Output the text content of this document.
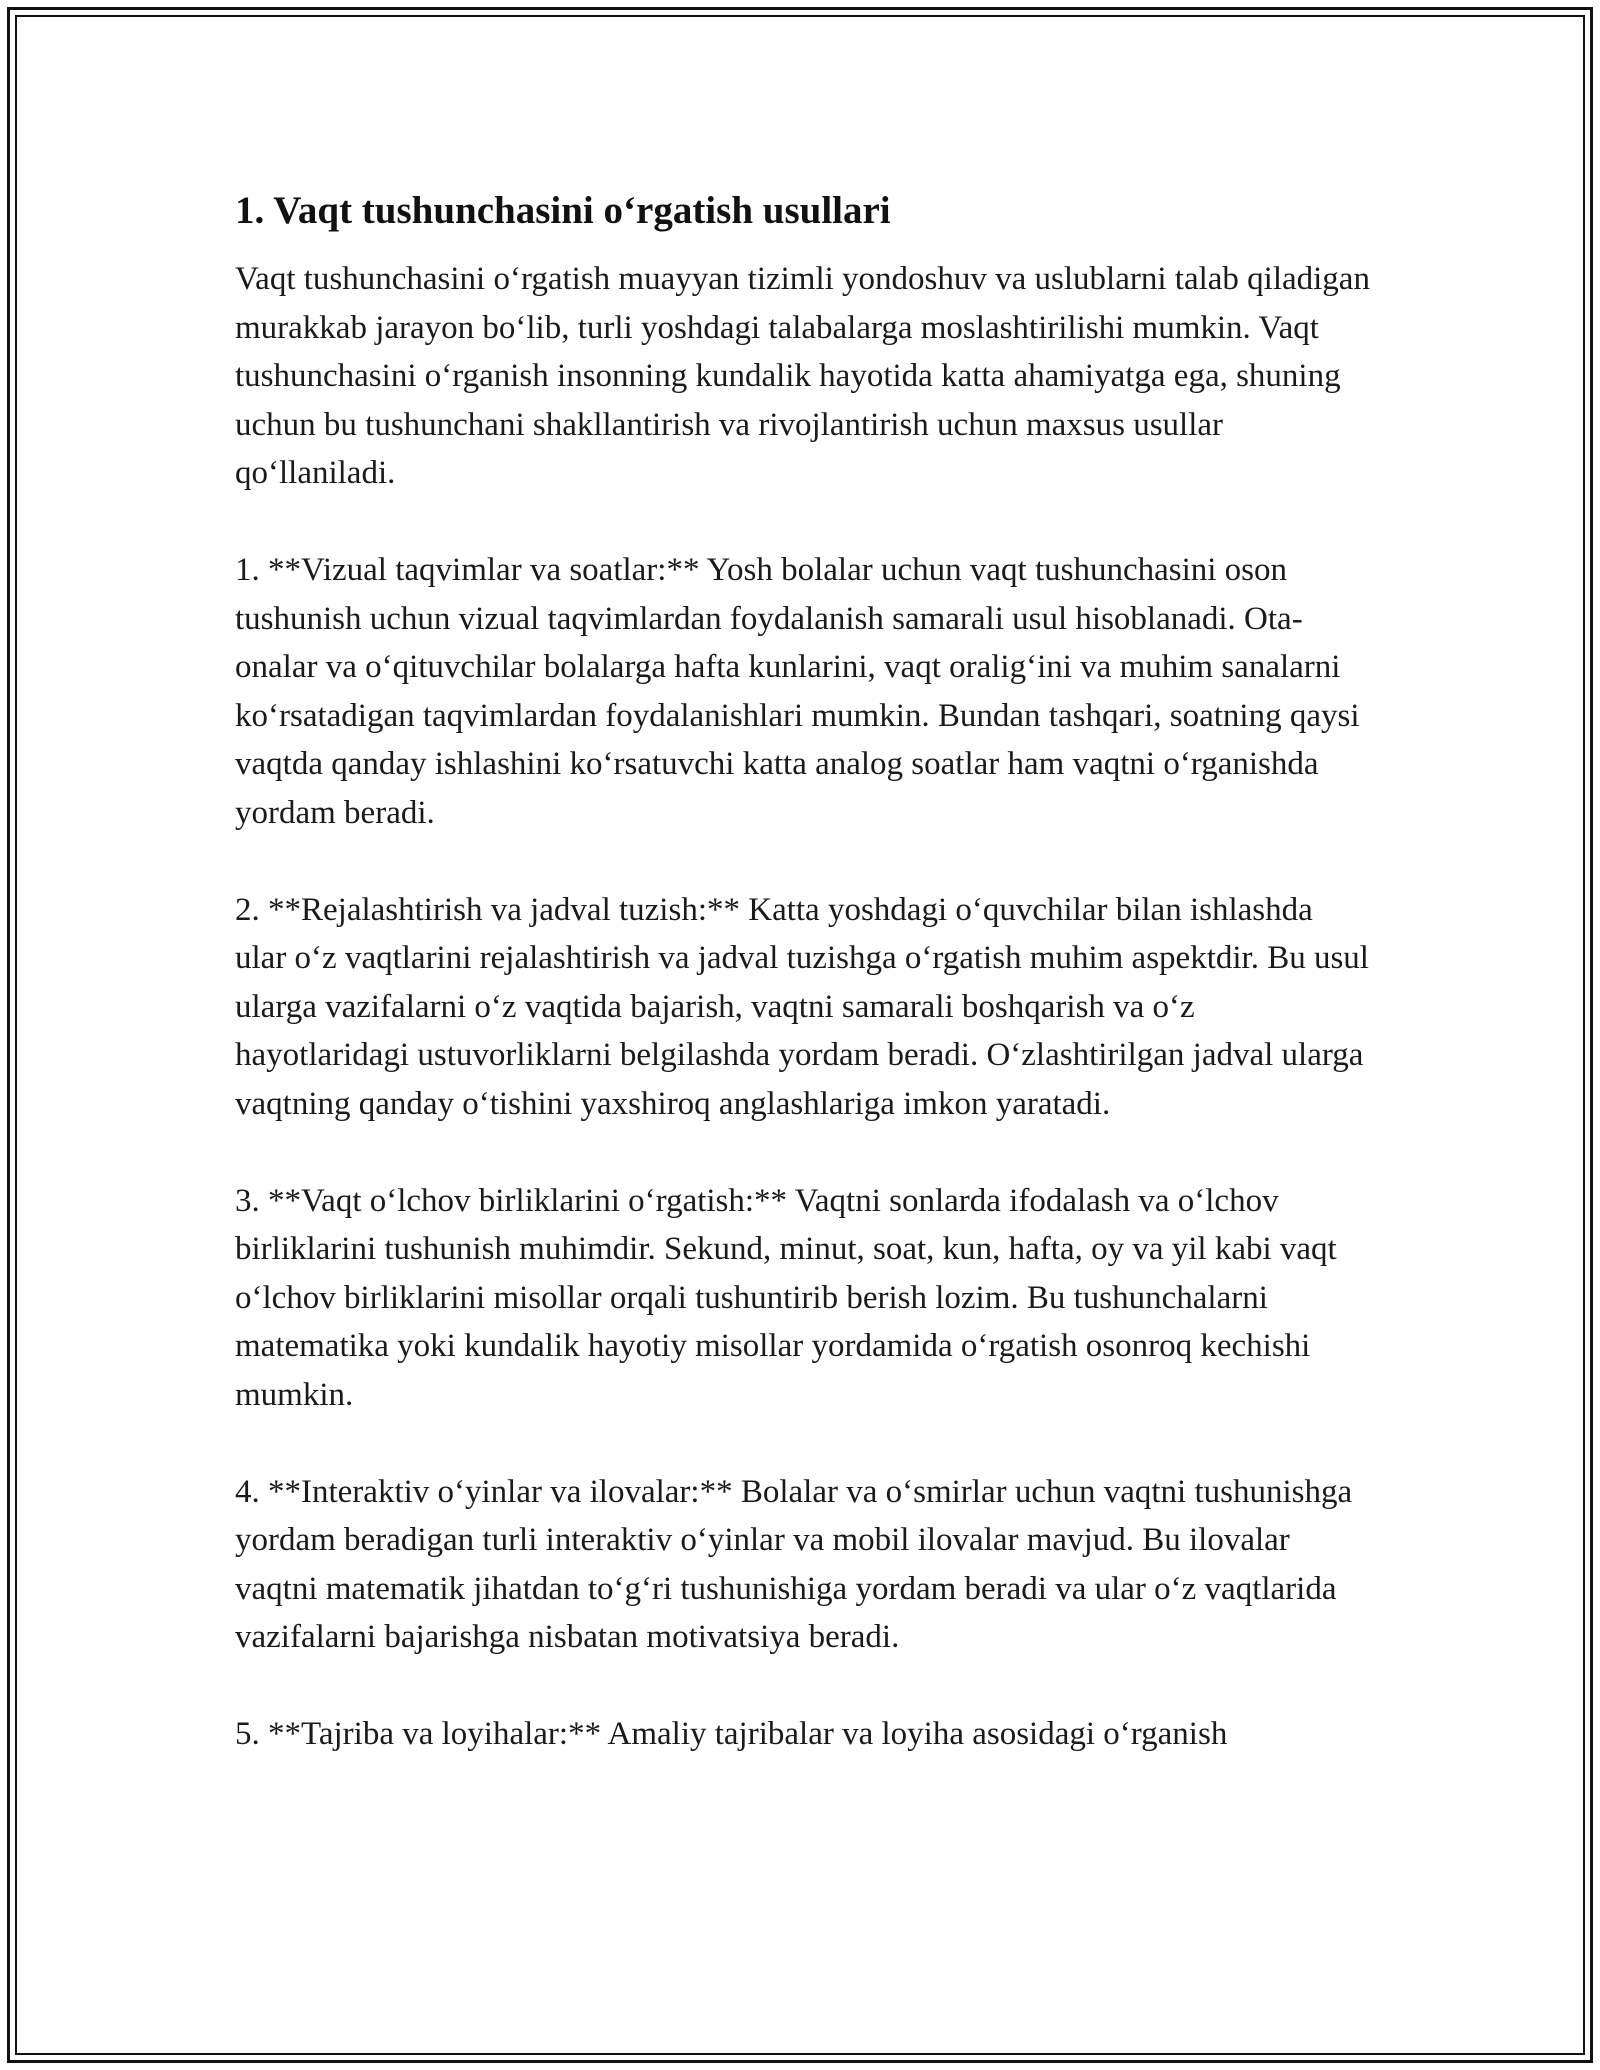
1. Vaqt tushunchasini o‘rgatish usullari

Vaqt tushunchasini o‘rgatish muayyan tizimli yondoshuv va uslublarni talab qiladigan murakkab jarayon bo‘lib, turli yoshdagi talabalarga moslashtirilishi mumkin. Vaqt tushunchasini o‘rganish insonning kundalik hayotida katta ahamiyatga ega, shuning uchun bu tushunchani shakllantirish va rivojlantirish uchun maxsus usullar qo‘llaniladi.

1. **Vizual taqvimlar va soatlar:** Yosh bolalar uchun vaqt tushunchasini oson tushunish uchun vizual taqvimlardan foydalanish samarali usul hisoblanadi. Ota-onalar va o‘qituvchilar bolalarga hafta kunlarini, vaqt oralig‘ini va muhim sanalarni ko‘rsatadigan taqvimlardan foydalanishlari mumkin. Bundan tashqari, soatning qaysi vaqtda qanday ishlashini ko‘rsatuvchi katta analog soatlar ham vaqtni o‘rganishda yordam beradi.

2. **Rejalashtirish va jadval tuzish:** Katta yoshdagi o‘quvchilar bilan ishlashda ular o‘z vaqtlarini rejalashtirish va jadval tuzishga o‘rgatish muhim aspektdir. Bu usul ularga vazifalarni o‘z vaqtida bajarish, vaqtni samarali boshqarish va o‘z hayotlaridagi ustuvorliklarni belgilashda yordam beradi. O‘zlashtirilgan jadval ularga vaqtning qanday o‘tishini yaxshiroq anglashlariga imkon yaratadi.

3. **Vaqt o‘lchov birliklarini o‘rgatish:** Vaqtni sonlarda ifodalash va o‘lchov birliklarini tushunish muhimdir. Sekund, minut, soat, kun, hafta, oy va yil kabi vaqt o‘lchov birliklarini misollar orqali tushuntirib berish lozim. Bu tushunchalarni matematika yoki kundalik hayotiy misollar yordamida o‘rgatish osonroq kechishi mumkin.

4. **Interaktiv o‘yinlar va ilovalar:** Bolalar va o‘smirlar uchun vaqtni tushunishga yordam beradigan turli interaktiv o‘yinlar va mobil ilovalar mavjud. Bu ilovalar vaqtni matematik jihatdan to‘g‘ri tushunishiga yordam beradi va ular o‘z vaqtlarida vazifalarni bajarishga nisbatan motivatsiya beradi.

5. **Tajriba va loyihalar:** Amaliy tajribalar va loyiha asosidagi o‘rganish
